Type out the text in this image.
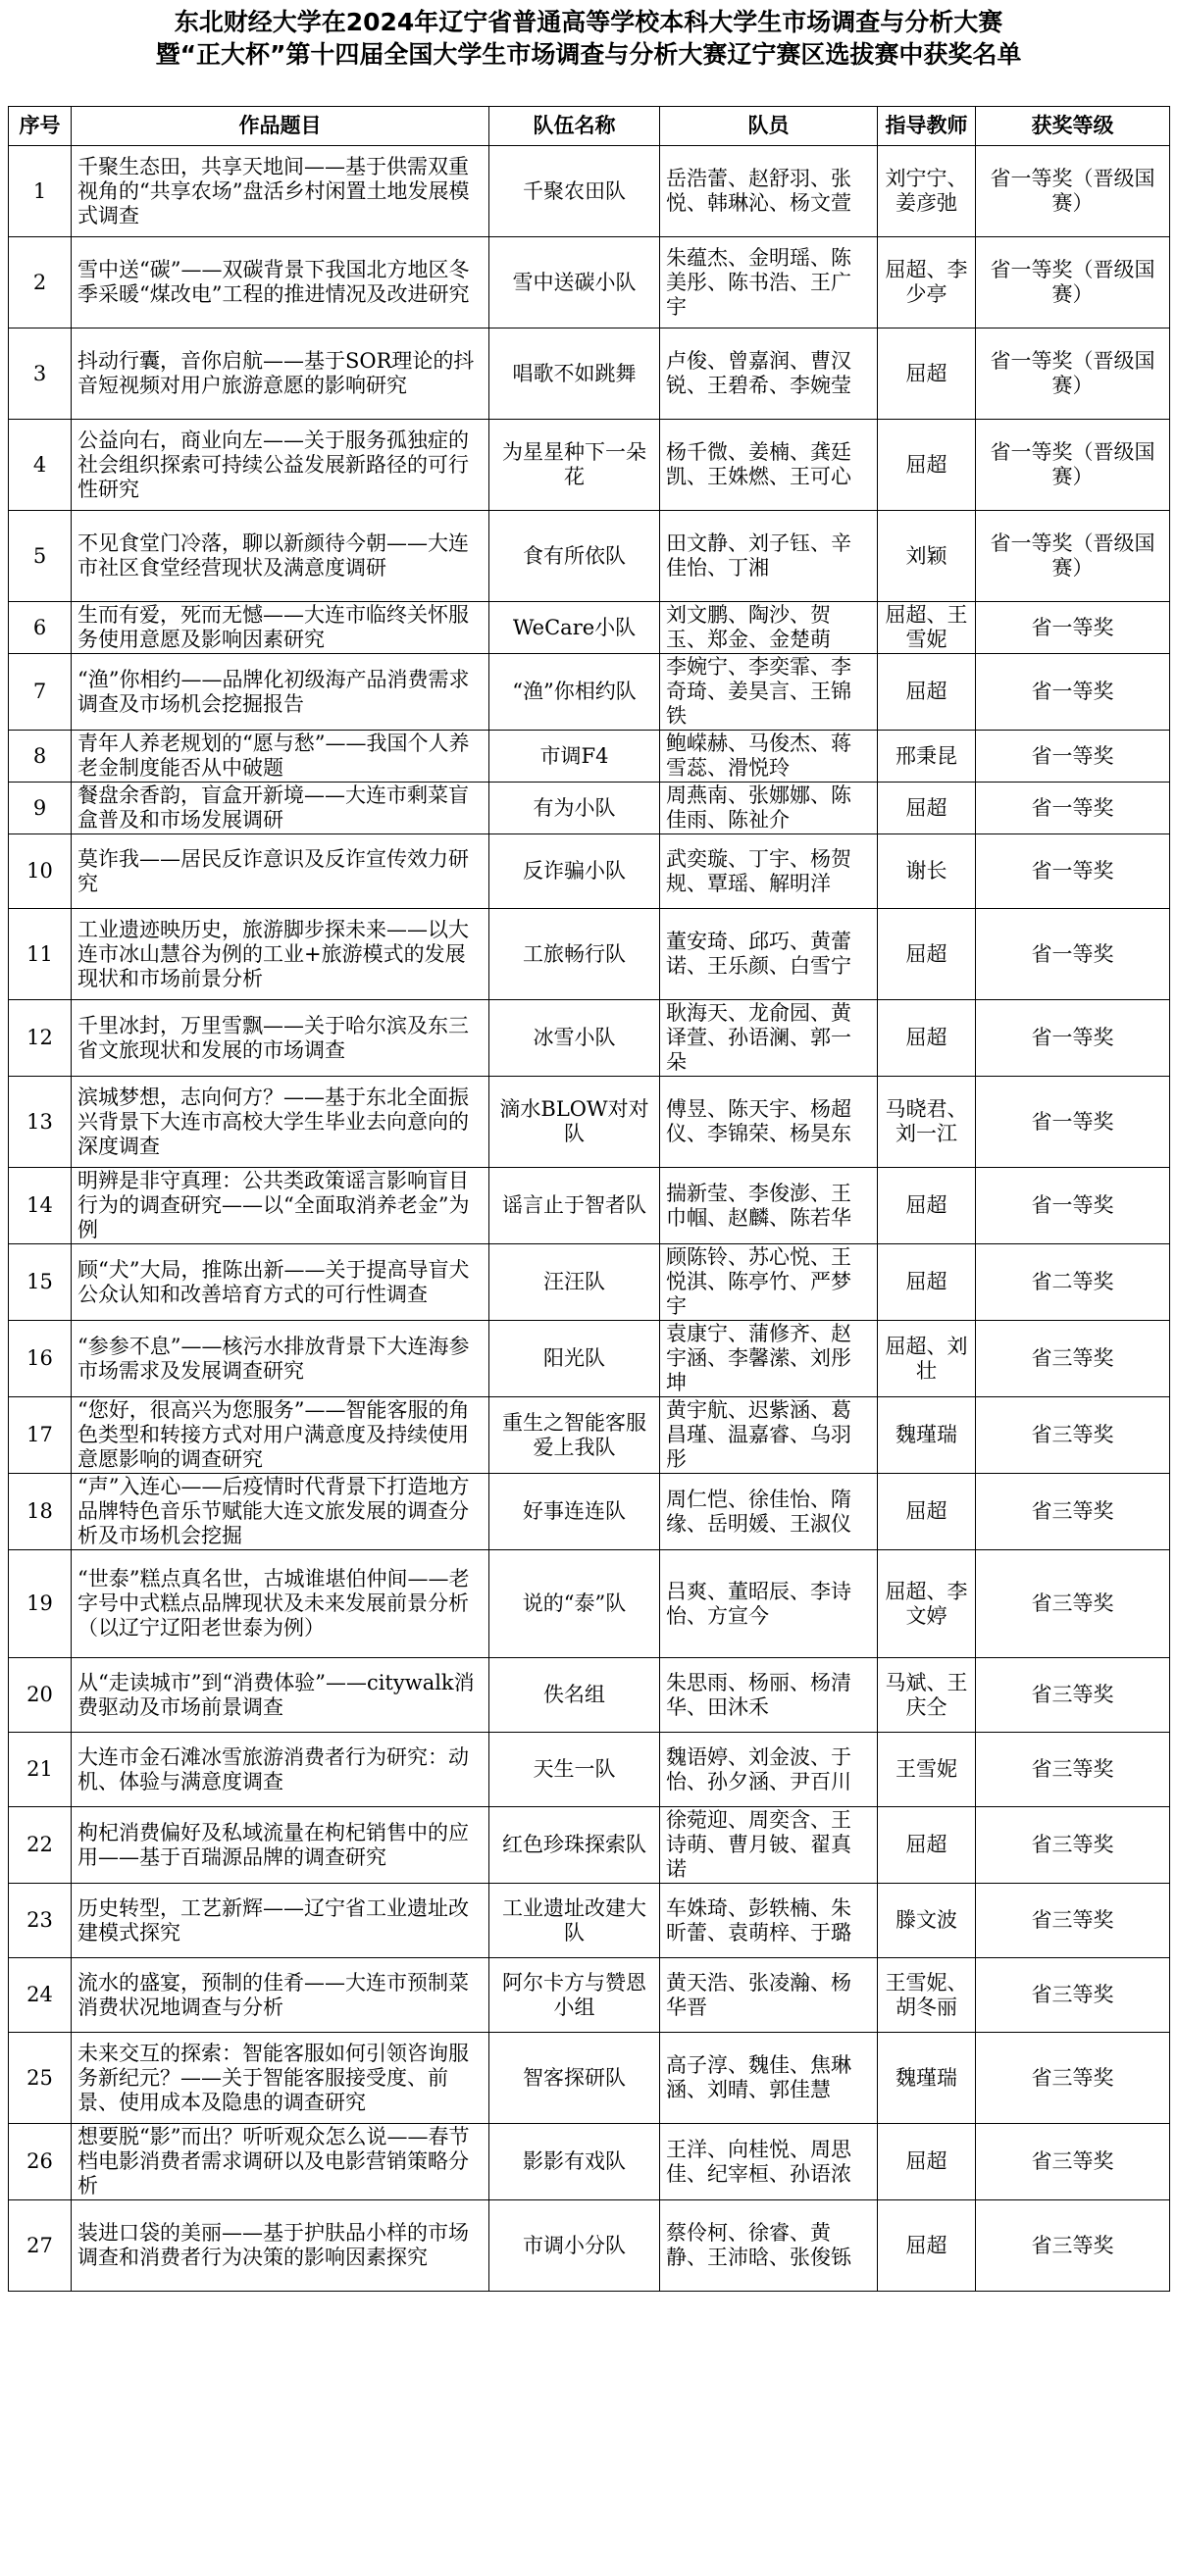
东北财经大学在2024年辽宁省普通高等学校本科大学生市场调查与分析大赛
暨“正大杯”第十四届全国大学生市场调查与分析大赛辽宁赛区选拔赛中获奖名单
序号	作品题目	队伍名称	队员	指导教师	获奖等级
1	千聚生态田，共享天地间——基于供需双重视角的“共享农场”盘活乡村闲置土地发展模式调查	千聚农田队	岳浩蕾、赵舒羽、张悦、韩琳沁、杨文萱	刘宁宁、姜彦弛	省一等奖（晋级国赛）
2	雪中送“碳”——双碳背景下我国北方地区冬季采暖“煤改电”工程的推进情况及改进研究	雪中送碳小队	朱蕴杰、金明瑶、陈美彤、陈书浩、王广宇	屈超、李少亭	省一等奖（晋级国赛）
3	抖动行囊，音你启航——基于SOR理论的抖音短视频对用户旅游意愿的影响研究	唱歌不如跳舞	卢俊、曾嘉润、曹汉锐、王碧希、李婉莹	屈超	省一等奖（晋级国赛）
4	公益向右，商业向左——关于服务孤独症的社会组织探索可持续公益发展新路径的可行性研究	为星星种下一朵花	杨千微、姜楠、龚廷凯、王姝燃、王可心	屈超	省一等奖（晋级国赛）
5	不见食堂门冷落，聊以新颜待今朝——大连市社区食堂经营现状及满意度调研	食有所依队	田文静、刘子钰、辛佳怡、丁湘	刘颖	省一等奖（晋级国赛）
6	生而有爱，死而无憾——大连市临终关怀服务使用意愿及影响因素研究	WeCare小队	刘文鹏、陶沙、贺玉、郑金、金楚萌	屈超、王雪妮	省一等奖
7	“渔”你相约——品牌化初级海产品消费需求调查及市场机会挖掘报告	“渔”你相约队	李婉宁、李奕霏、李奇琦、姜昊言、王锦铁	屈超	省一等奖
8	青年人养老规划的“愿与愁”——我国个人养老金制度能否从中破题	市调F4	鲍嵘赫、马俊杰、蒋雪蕊、滑悦玲	邢秉昆	省一等奖
9	餐盘余香韵，盲盒开新境——大连市剩菜盲盒普及和市场发展调研	有为小队	周燕南、张娜娜、陈佳雨、陈祉介	屈超	省一等奖
10	莫诈我——居民反诈意识及反诈宣传效力研究	反诈骗小队	武奕璇、丁宇、杨贺规、覃瑶、解明洋	谢长	省一等奖
11	工业遗迹映历史，旅游脚步探未来——以大连市冰山慧谷为例的工业+旅游模式的发展现状和市场前景分析	工旅畅行队	董安琦、邱巧、黄蕾诺、王乐颜、白雪宁	屈超	省一等奖
12	千里冰封，万里雪飘——关于哈尔滨及东三省文旅现状和发展的市场调查	冰雪小队	耿海天、龙俞园、黄译萱、孙语澜、郭一朵	屈超	省一等奖
13	滨城梦想，志向何方？——基于东北全面振兴背景下大连市高校大学生毕业去向意向的深度调查	滴水BLOW对对队	傅昱、陈天宇、杨超仪、李锦荣、杨昊东	马晓君、刘一江	省一等奖
14	明辨是非守真理：公共类政策谣言影响盲目行为的调查研究——以“全面取消养老金”为例	谣言止于智者队	揣新莹、李俊澎、王巾帼、赵麟、陈若华	屈超	省一等奖
15	顾“犬”大局，推陈出新——关于提高导盲犬公众认知和改善培育方式的可行性调查	汪汪队	顾陈铃、苏心悦、王悦淇、陈亭竹、严梦宇	屈超	省二等奖
16	“参参不息”——核污水排放背景下大连海参市场需求及发展调查研究	阳光队	袁康宁、蒲修齐、赵宇涵、李馨潆、刘彤坤	屈超、刘壮	省三等奖
17	“您好，很高兴为您服务”——智能客服的角色类型和转接方式对用户满意度及持续使用意愿影响的调查研究	重生之智能客服爱上我队	黄宇航、迟紫涵、葛昌瑾、温嘉睿、乌羽彤	魏瑾瑞	省三等奖
18	“声”入连心——后疫情时代背景下打造地方品牌特色音乐节赋能大连文旅发展的调查分析及市场机会挖掘	好事连连队	周仁恺、徐佳怡、隋缘、岳明媛、王淑仪	屈超	省三等奖
19	“世泰”糕点真名世，古城谁堪伯仲间——老字号中式糕点品牌现状及未来发展前景分析（以辽宁辽阳老世泰为例）	说的“泰”队	吕爽、董昭辰、李诗怡、方宣今	屈超、李文婷	省三等奖
20	从“走读城市”到“消费体验”——citywalk消费驱动及市场前景调查	佚名组	朱思雨、杨丽、杨清华、田沐禾	马斌、王庆仝	省三等奖
21	大连市金石滩冰雪旅游消费者行为研究：动机、体验与满意度调查	天生一队	魏语婷、刘金波、于怡、孙夕涵、尹百川	王雪妮	省三等奖
22	枸杞消费偏好及私域流量在枸杞销售中的应用——基于百瑞源品牌的调查研究	红色珍珠探索队	徐菀迎、周奕含、王诗萌、曹月铍、翟真诺	屈超	省三等奖
23	历史转型，工艺新辉——辽宁省工业遗址改建模式探究	工业遗址改建大队	车姝琦、彭轶楠、朱昕蕾、袁萌梓、于璐	滕文波	省三等奖
24	流水的盛宴，预制的佳肴——大连市预制菜消费状况地调查与分析	阿尔卡方与赞恩小组	黄天浩、张凌瀚、杨华晋	王雪妮、胡冬丽	省三等奖
25	未来交互的探索：智能客服如何引领咨询服务新纪元？——关于智能客服接受度、前景、使用成本及隐患的调查研究	智客探研队	高子淳、魏佳、焦琳涵、刘晴、郭佳慧	魏瑾瑞	省三等奖
26	想要脱“影”而出？听听观众怎么说——春节档电影消费者需求调研以及电影营销策略分析	影影有戏队	王洋、向桂悦、周思佳、纪宰桓、孙语浓	屈超	省三等奖
27	装进口袋的美丽——基于护肤品小样的市场调查和消费者行为决策的影响因素探究	市调小分队	蔡伶柯、徐睿、黄静、王沛晗、张俊铄	屈超	省三等奖
